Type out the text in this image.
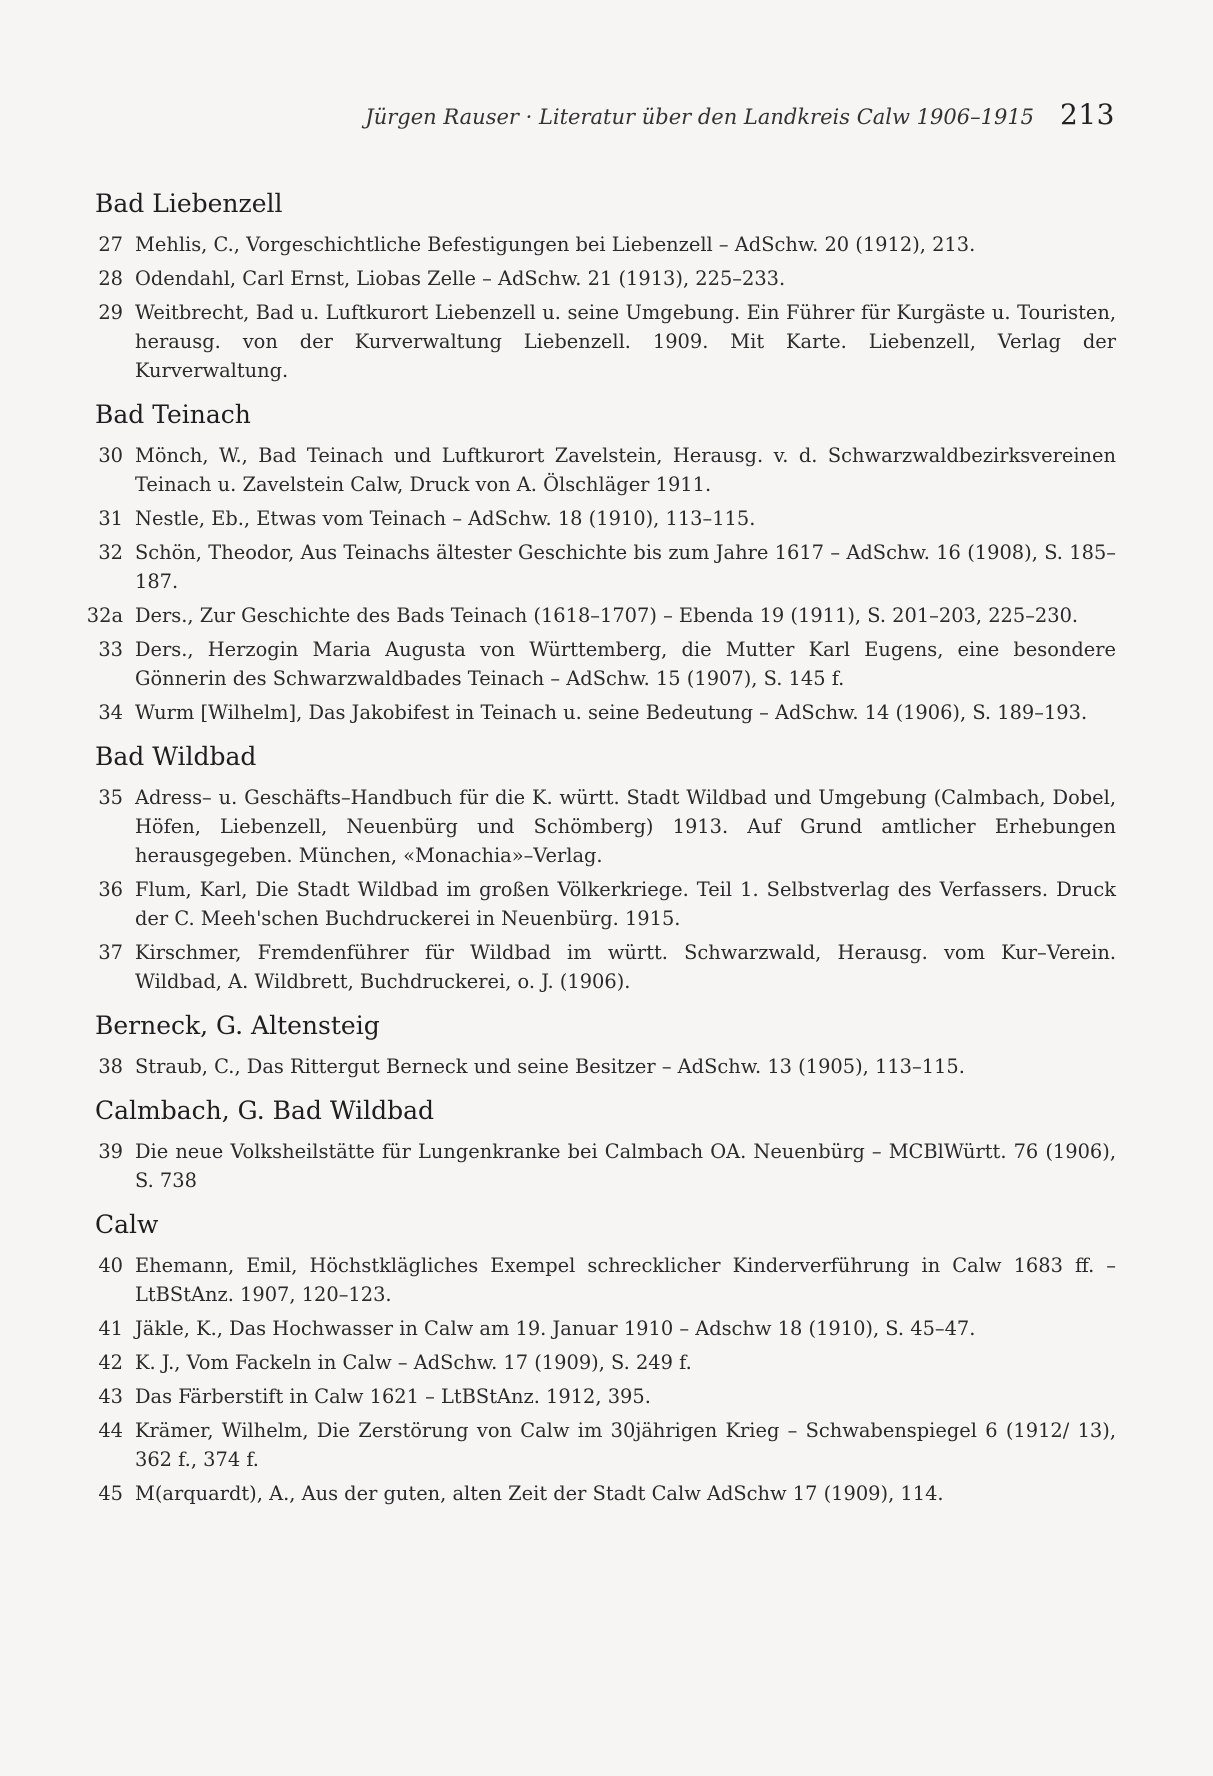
Jürgen Rauser · Literatur über den Landkreis Calw 1906–1915 213
Bad Liebenzell
27 Mehlis, C., Vorgeschichtliche Befestigungen bei Liebenzell – AdSchw. 20 (1912), 213.
28 Odendahl, Carl Ernst, Liobas Zelle – AdSchw. 21 (1913), 225–233.
29 Weitbrecht, Bad u. Luftkurort Liebenzell u. seine Umgebung. Ein Führer für Kurgäste u. Touristen, herausg. von der Kurverwaltung Liebenzell. 1909. Mit Karte. Liebenzell, Verlag der Kurverwaltung.
Bad Teinach
30 Mönch, W., Bad Teinach und Luftkurort Zavelstein, Herausg. v. d. Schwarzwaldbezirksvereinen Teinach u. Zavelstein Calw, Druck von A. Ölschläger 1911.
31 Nestle, Eb., Etwas vom Teinach – AdSchw. 18 (1910), 113–115.
32 Schön, Theodor, Aus Teinachs ältester Geschichte bis zum Jahre 1617 – AdSchw. 16 (1908), S. 185–187.
32a Ders., Zur Geschichte des Bads Teinach (1618–1707) – Ebenda 19 (1911), S. 201–203, 225–230.
33 Ders., Herzogin Maria Augusta von Württemberg, die Mutter Karl Eugens, eine besondere Gönnerin des Schwarzwaldbades Teinach – AdSchw. 15 (1907), S. 145 f.
34 Wurm [Wilhelm], Das Jakobifest in Teinach u. seine Bedeutung – AdSchw. 14 (1906), S. 189–193.
Bad Wildbad
35 Adress– u. Geschäfts–Handbuch für die K. württ. Stadt Wildbad und Umgebung (Calmbach, Dobel, Höfen, Liebenzell, Neuenbürg und Schömberg) 1913. Auf Grund amtlicher Erhebungen herausgegeben. München, «Monachia»–Verlag.
36 Flum, Karl, Die Stadt Wildbad im großen Völkerkriege. Teil 1. Selbstverlag des Verfassers. Druck der C. Meeh'schen Buchdruckerei in Neuenbürg. 1915.
37 Kirschmer, Fremdenführer für Wildbad im württ. Schwarzwald, Herausg. vom Kur–Verein. Wildbad, A. Wildbrett, Buchdruckerei, o. J. (1906).
Berneck, G. Altensteig
38 Straub, C., Das Rittergut Berneck und seine Besitzer – AdSchw. 13 (1905), 113–115.
Calmbach, G. Bad Wildbad
39 Die neue Volksheilstätte für Lungenkranke bei Calmbach OA. Neuenbürg – MCBlWürtt. 76 (1906), S. 738
Calw
40 Ehemann, Emil, Höchstklägliches Exempel schrecklicher Kinderverführung in Calw 1683 ff. – LtBStAnz. 1907, 120–123.
41 Jäkle, K., Das Hochwasser in Calw am 19. Januar 1910 – Adschw 18 (1910), S. 45–47.
42 K. J., Vom Fackeln in Calw – AdSchw. 17 (1909), S. 249 f.
43 Das Färberstift in Calw 1621 – LtBStAnz. 1912, 395.
44 Krämer, Wilhelm, Die Zerstörung von Calw im 30jährigen Krieg – Schwabenspiegel 6 (1912/ 13), 362 f., 374 f.
45 M(arquardt), A., Aus der guten, alten Zeit der Stadt Calw AdSchw 17 (1909), 114.
